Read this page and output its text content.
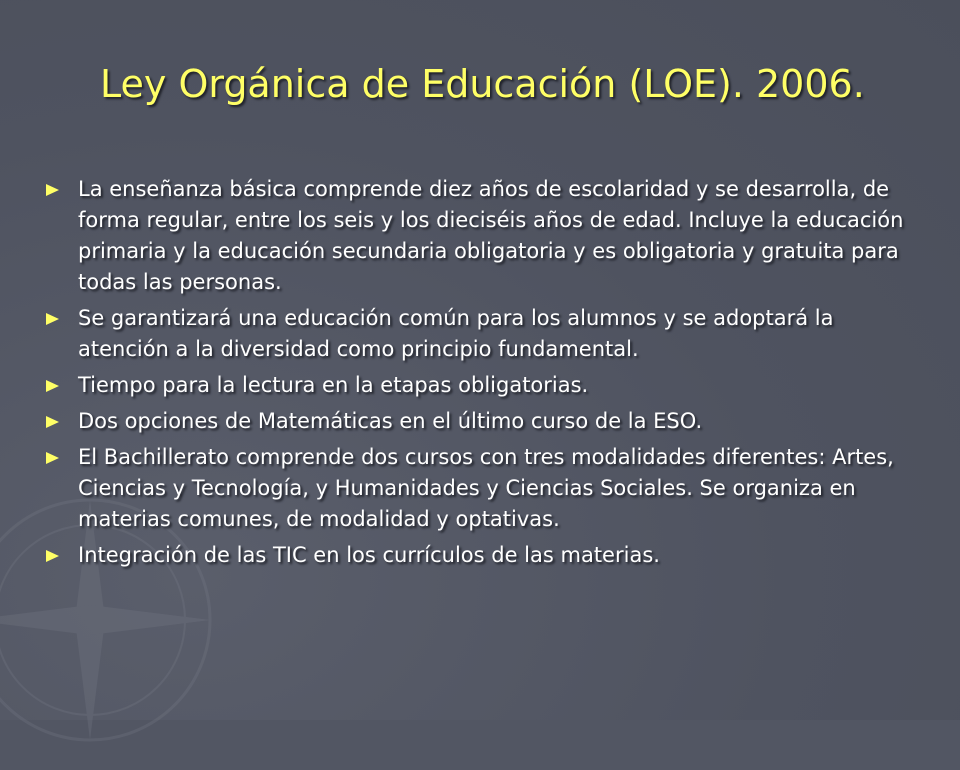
Ley Orgánica de Educación (LOE). 2006.
La enseñanza básica comprende diez años de escolaridad y se desarrolla, de forma regular, entre los seis y los dieciséis años de edad. Incluye la educación primaria y la educación secundaria obligatoria y es obligatoria y gratuita para todas las personas.
Se garantizará una educación común para los alumnos y se adoptará la atención a la diversidad como principio fundamental.
Tiempo para la lectura en la etapas obligatorias.
Dos opciones de Matemáticas en el último curso de la ESO.
El Bachillerato comprende dos cursos con tres modalidades diferentes: Artes, Ciencias y Tecnología, y Humanidades y Ciencias Sociales. Se organiza en materias comunes, de modalidad y optativas.
Integración de las TIC en los currículos de las materias.
